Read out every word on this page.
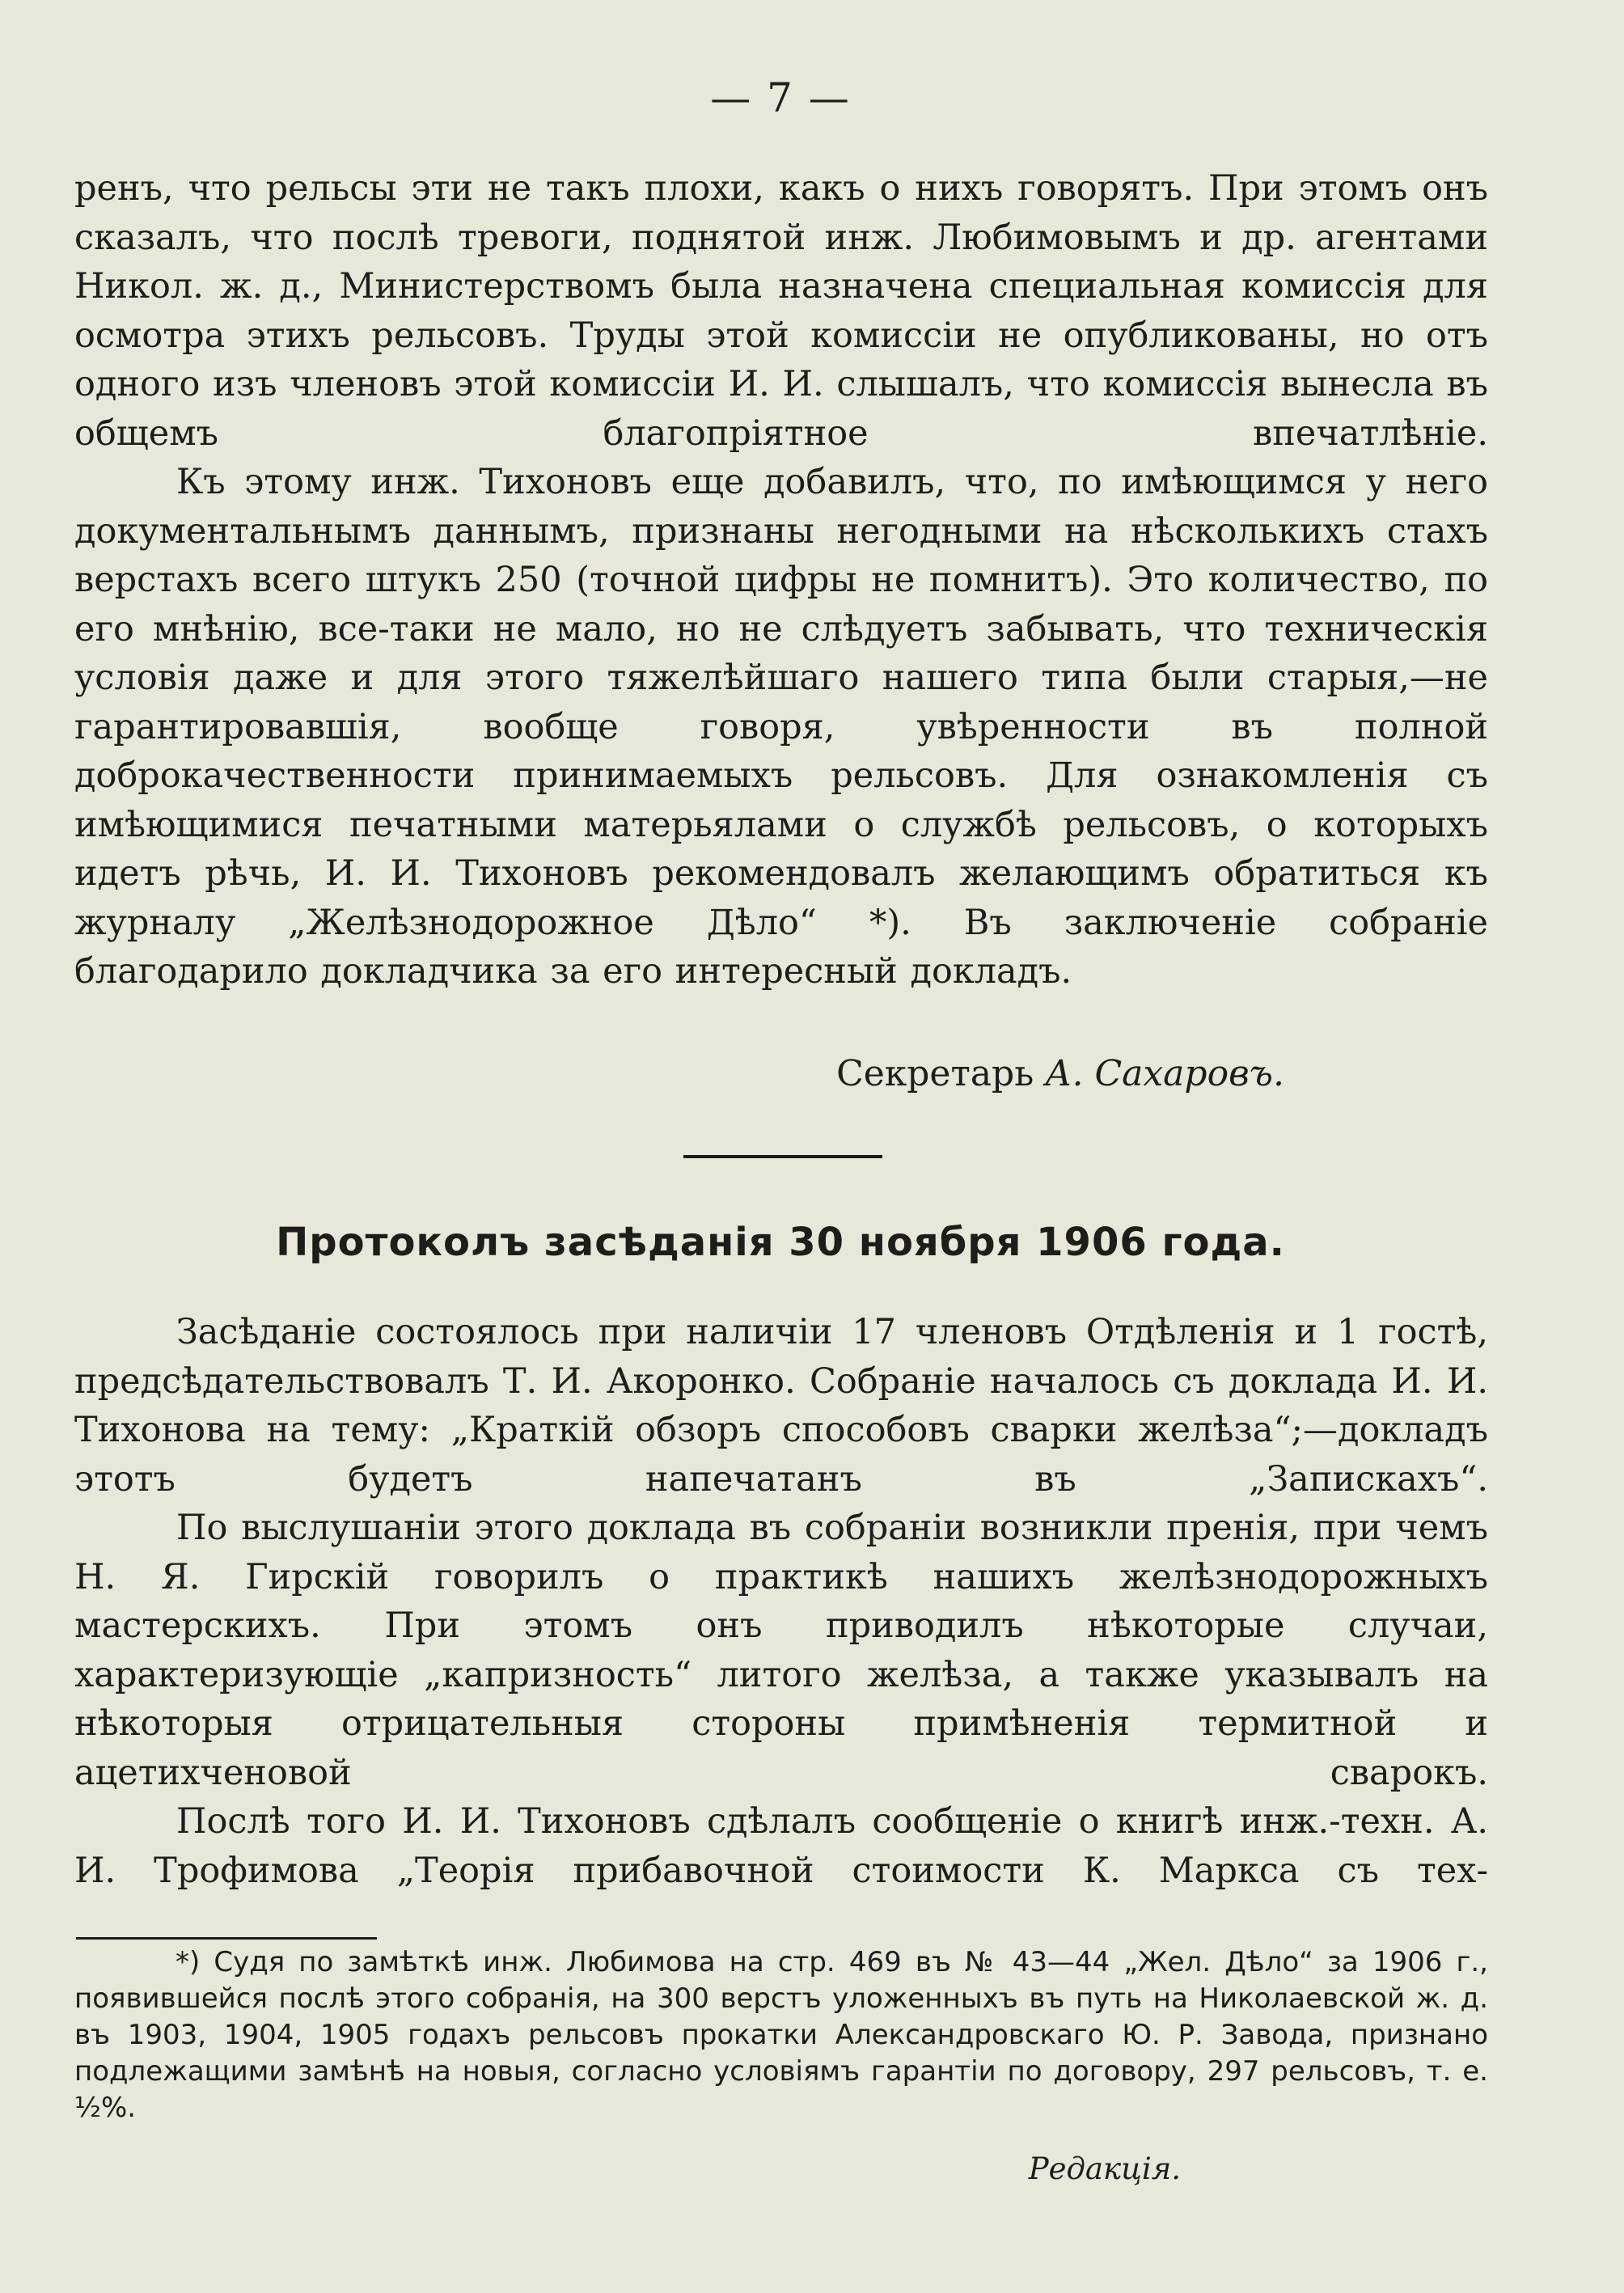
— 7 —

ренъ, что рельсы эти не такъ плохи, какъ о нихъ говорятъ. При этомъ онъ сказалъ, что послѣ тревоги, поднятой инж. Любимовымъ и др. агентами Никол. ж. д., Министерствомъ была назначена специальная комиссія для осмотра этихъ рельсовъ. Труды этой комиссіи не опубликованы, но отъ одного изъ членовъ этой комиссіи И. И. слышалъ, что комиссія вынесла въ общемъ благопріятное впечатлѣніе.

Къ этому инж. Тихоновъ еще добавилъ, что, по имѣющимся у него документальнымъ даннымъ, признаны негодными на нѣсколькихъ стахъ верстахъ всего штукъ 250 (точной цифры не помнитъ). Это количество, по его мнѣнію, все-таки не мало, но не слѣдуетъ забывать, что техническія условія даже и для этого тяжелѣйшаго нашего типа были старыя,—не гарантировавшія, вообще говоря, увѣренности въ полной доброкачественности принимаемыхъ рельсовъ. Для ознакомленія съ имѣющимися печатными матерьялами о службѣ рельсовъ, о которыхъ идетъ рѣчь, И. И. Тихоновъ рекомендовалъ желающимъ обратиться къ журналу „Желѣзнодорожное Дѣло“ *). Въ заключеніе собраніе благодарило докладчика за его интересный докладъ.

Секретарь А. Сахаровъ.
Протоколъ засѣданія 30 ноября 1906 года.

Засѣданіе состоялось при наличіи 17 членовъ Отдѣленія и 1 гостѣ, предсѣдательствовалъ Т. И. Акоронко. Собраніе началось съ доклада И. И. Тихонова на тему: „Краткій обзоръ способовъ сварки желѣза“;—докладъ этотъ будетъ напечатанъ въ „Запискахъ“.

По выслушаніи этого доклада въ собраніи возникли пренія, при чемъ Н. Я. Гирскій говорилъ о практикѣ нашихъ желѣзнодорожныхъ мастерскихъ. При этомъ онъ приводилъ нѣкоторые случаи, характеризующіе „капризность“ литого желѣза, а также указывалъ на нѣкоторыя отрицательныя стороны примѣненія термитной и ацетихченовой сварокъ.

Послѣ того И. И. Тихоновъ сдѣлалъ сообщеніе о книгѣ инж.-техн. А. И. Трофимова „Теорія прибавочной стоимости К. Маркса съ тех-

*) Судя по замѣткѣ инж. Любимова на стр. 469 въ № 43—44 „Жел. Дѣло“ за 1906 г., появившейся послѣ этого собранія, на 300 верстъ уложенныхъ въ путь на Николаевской ж. д. въ 1903, 1904, 1905 годахъ рельсовъ прокатки Александровскаго Ю. Р. Завода, признано подлежащими замѣнѣ на новыя, согласно условіямъ гарантіи по договору, 297 рельсовъ, т. е. ½%.

Редакція.
